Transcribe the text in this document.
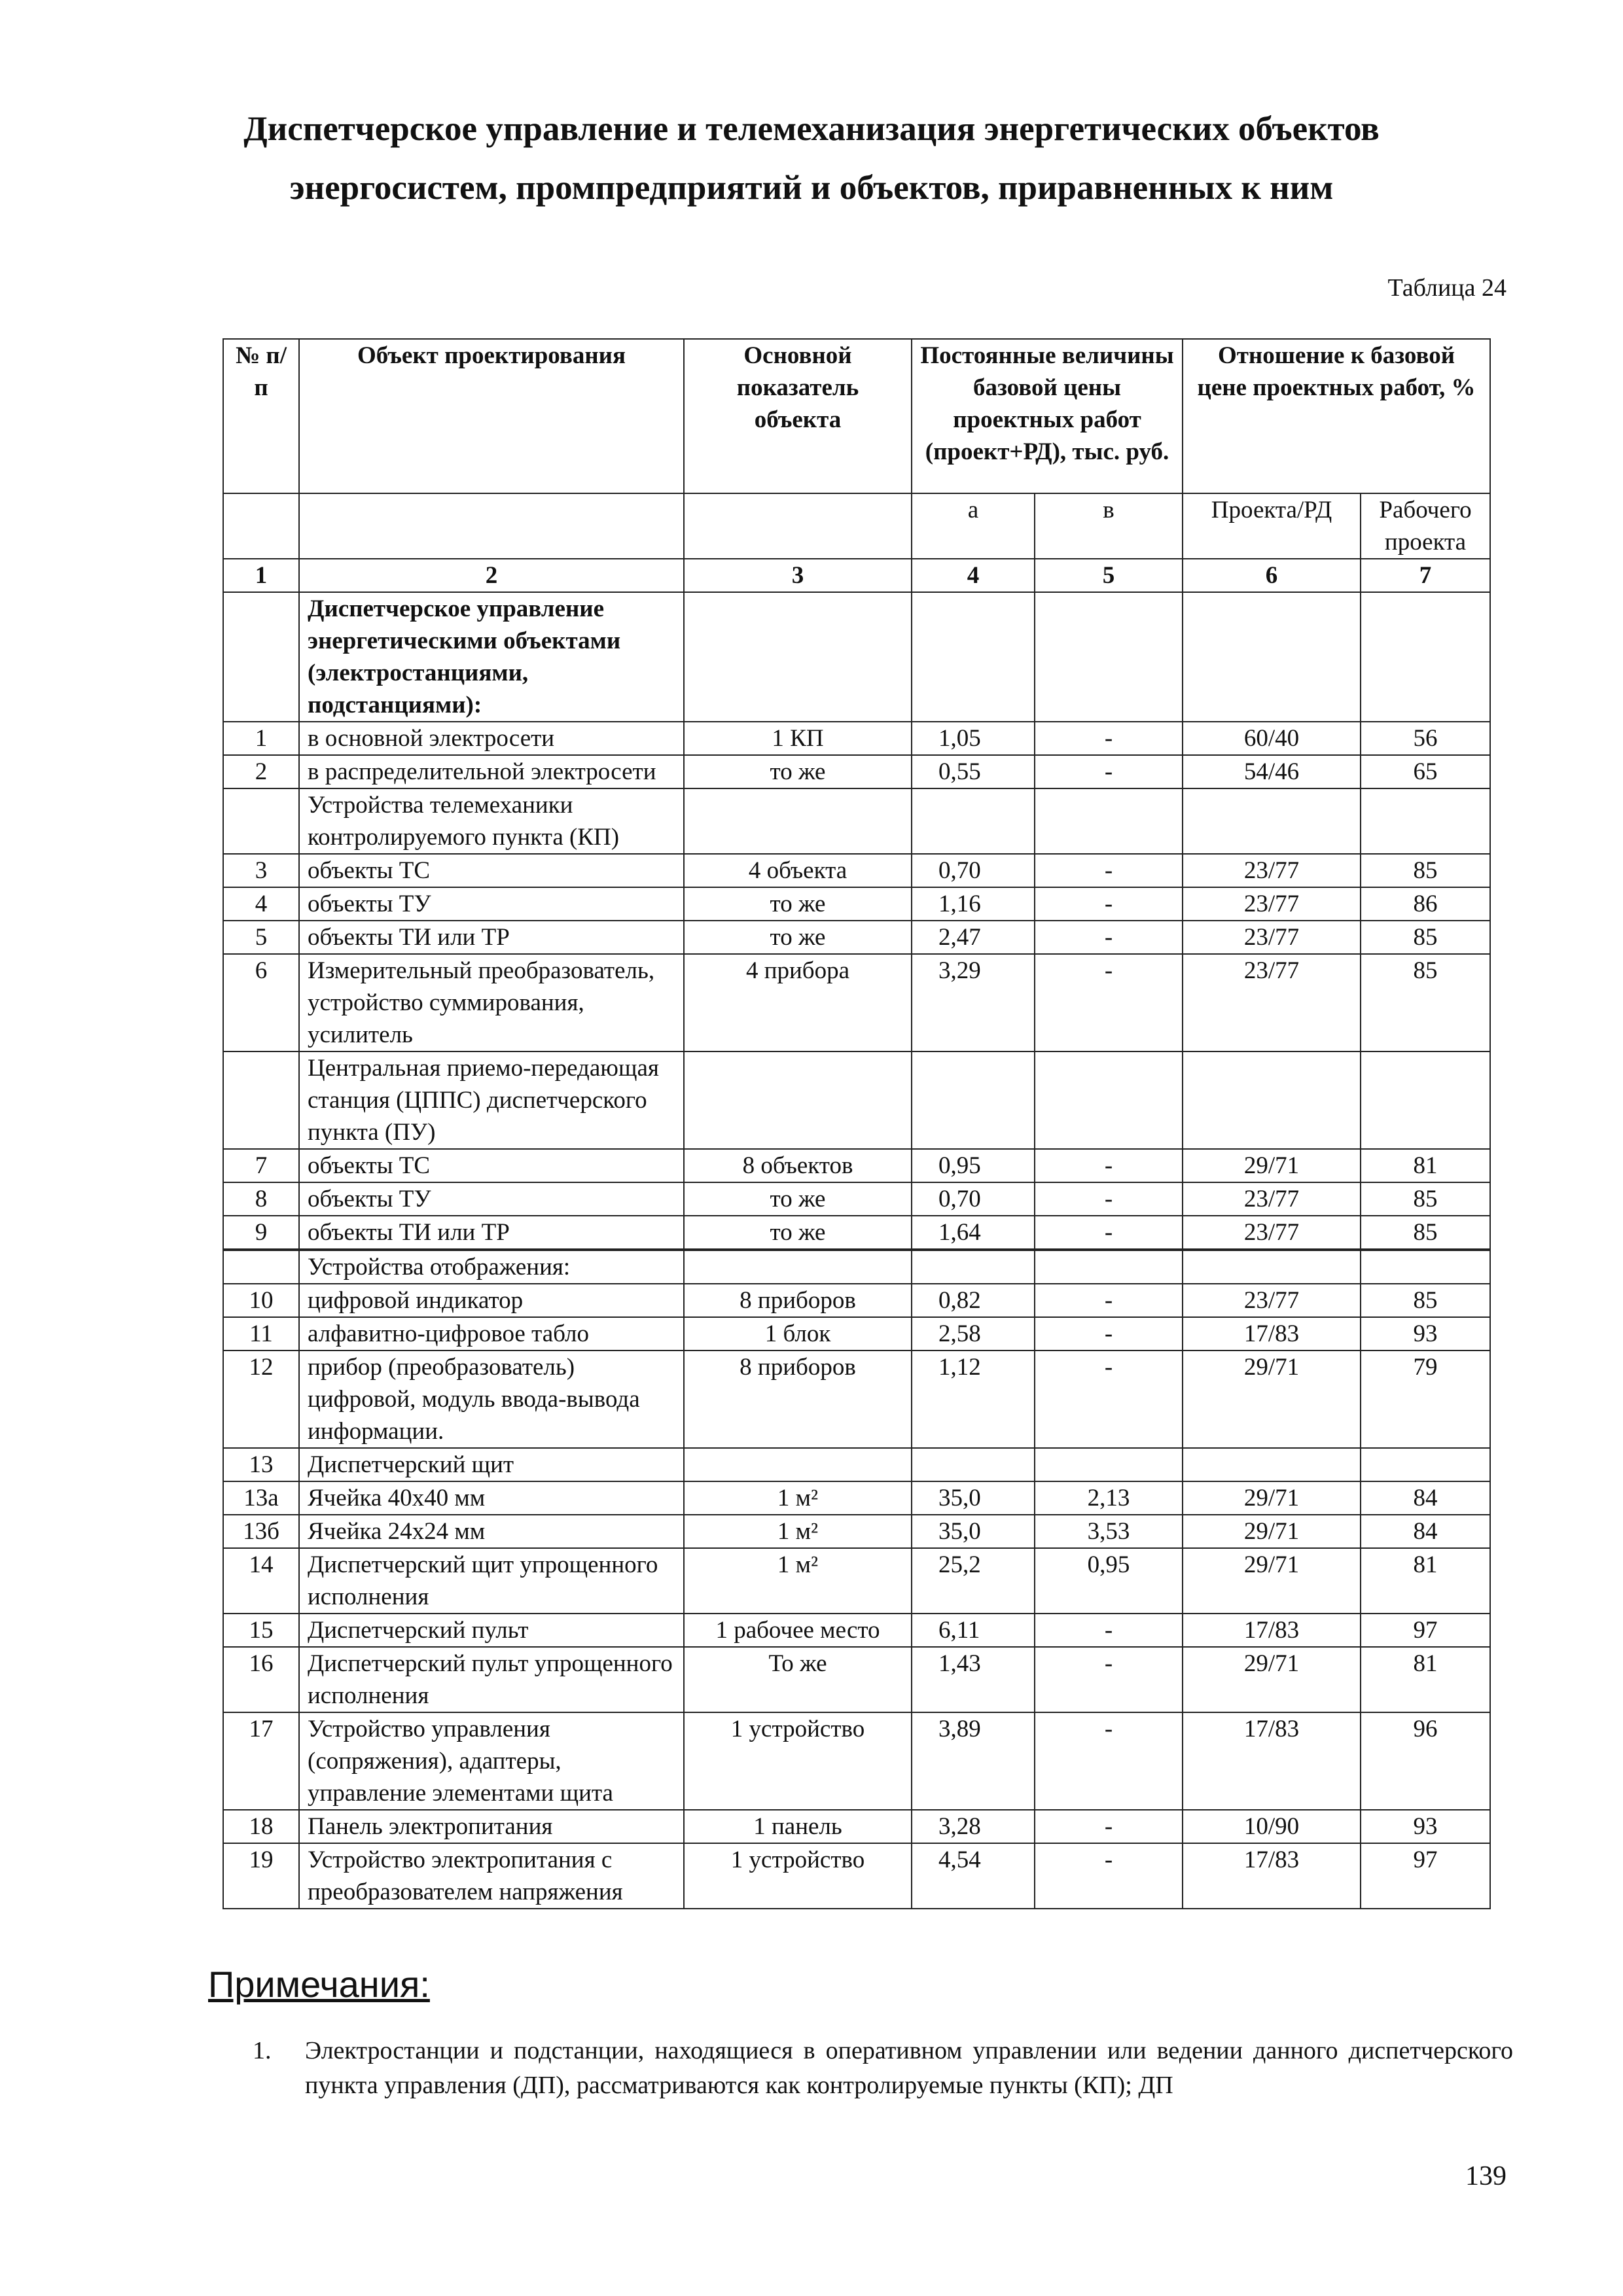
Диспетчерское управление и телемеханизация энергетических объектов
энергосистем, промпредприятий и объектов, приравненных к ним
Таблица 24
№ п/п	Объект проектирования	Основной показатель объекта	Постоянные величины базовой цены проектных работ (проект+РД), тыс. руб.		Отношение к базовой цене проектных работ, %	
			а	в	Проекта/РД	Рабочего проекта
1	2	3	4	5	6	7
	Диспетчерское управление энергетическими объектами (электростанциями, подстанциями):					
1	в основной электросети	1 КП	1,05	-	60/40	56
2	в распределительной электросети	то же	0,55	-	54/46	65
	Устройства телемеханики контролируемого пункта (КП)					
3	объекты ТС	4 объекта	0,70	-	23/77	85
4	объекты ТУ	то же	1,16	-	23/77	86
5	объекты ТИ или ТР	то же	2,47	-	23/77	85
6	Измерительный преобразователь, устройство суммирования, усилитель	4 прибора	3,29	-	23/77	85
	Центральная приемо-передающая станция (ЦППС) диспетчерского пункта (ПУ)					
7	объекты ТС	8 объектов	0,95	-	29/71	81
8	объекты ТУ	то же	0,70	-	23/77	85
9	объекты ТИ или ТР	то же	1,64	-	23/77	85

	Устройства отображения:					
10	цифровой индикатор	8 приборов	0,82	-	23/77	85
11	алфавитно-цифровое табло	1 блок	2,58	-	17/83	93
12	прибор (преобразователь) цифровой, модуль ввода-вывода информации.	8 приборов	1,12	-	29/71	79
13	Диспетчерский щит					
13а	Ячейка 40х40 мм	1 м²	35,0	2,13	29/71	84
13б	Ячейка 24х24 мм	1 м²	35,0	3,53	29/71	84
14	Диспетчерский щит упрощенного исполнения	1 м²	25,2	0,95	29/71	81
15	Диспетчерский пульт	1 рабочее место	6,11	-	17/83	97
16	Диспетчерский пульт упрощенного исполнения	То же	1,43	-	29/71	81
17	Устройство управления (сопряжения), адаптеры, управление элементами щита	1 устройство	3,89	-	17/83	96
18	Панель электропитания	1 панель	3,28	-	10/90	93
19	Устройство электропитания с преобразователем напряжения	1 устройство	4,54	-	17/83	97
Примечания:
1.	Электростанции и подстанции, находящиеся в оперативном управлении или ведении данного диспетчерского пункта управления (ДП), рассматриваются как контролируемые пункты (КП); ДП

139
